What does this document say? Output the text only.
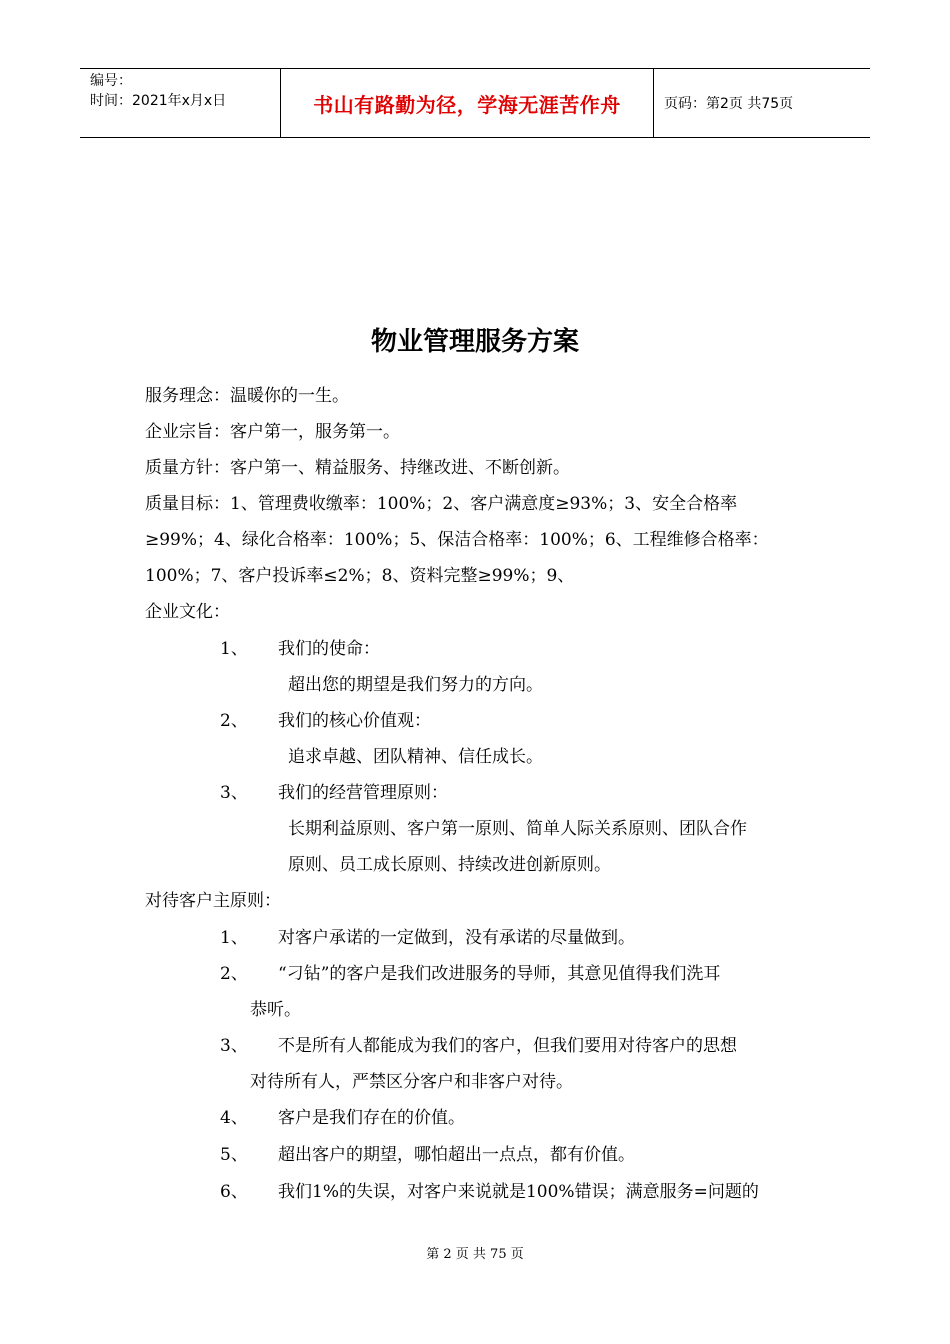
编号：
时间：2021年x月x日	书山有路勤为径，学海无涯苦作舟	页码：第2页 共75页
物业管理服务方案
服务理念：温暖你的一生。
企业宗旨：客户第一，服务第一。
质量方针：客户第一、精益服务、持继改进、不断创新。
质量目标：1、管理费收缴率：100%；2、客户满意度≥93%；3、安全合格率
≥99%；4、绿化合格率：100%；5、保洁合格率：100%；6、工程维修合格率：
100%；7、客户投诉率≤2%；8、资料完整≥99%；9、
企业文化：
1、 我们的使命：
超出您的期望是我们努力的方向。
2、 我们的核心价值观：
追求卓越、团队精神、信任成长。
3、 我们的经营管理原则：
长期利益原则、客户第一原则、简单人际关系原则、团队合作
原则、员工成长原则、持续改进创新原则。
对待客户主原则：
1、 对客户承诺的一定做到，没有承诺的尽量做到。
2、 “刁钻”的客户是我们改进服务的导师，其意见值得我们洗耳
恭听。
3、 不是所有人都能成为我们的客户，但我们要用对待客户的思想
对待所有人，严禁区分客户和非客户对待。
4、 客户是我们存在的价值。
5、 超出客户的期望，哪怕超出一点点，都有价值。
6、 我们1%的失误，对客户来说就是100%错误；满意服务=问题的
第 2 页 共 75 页
